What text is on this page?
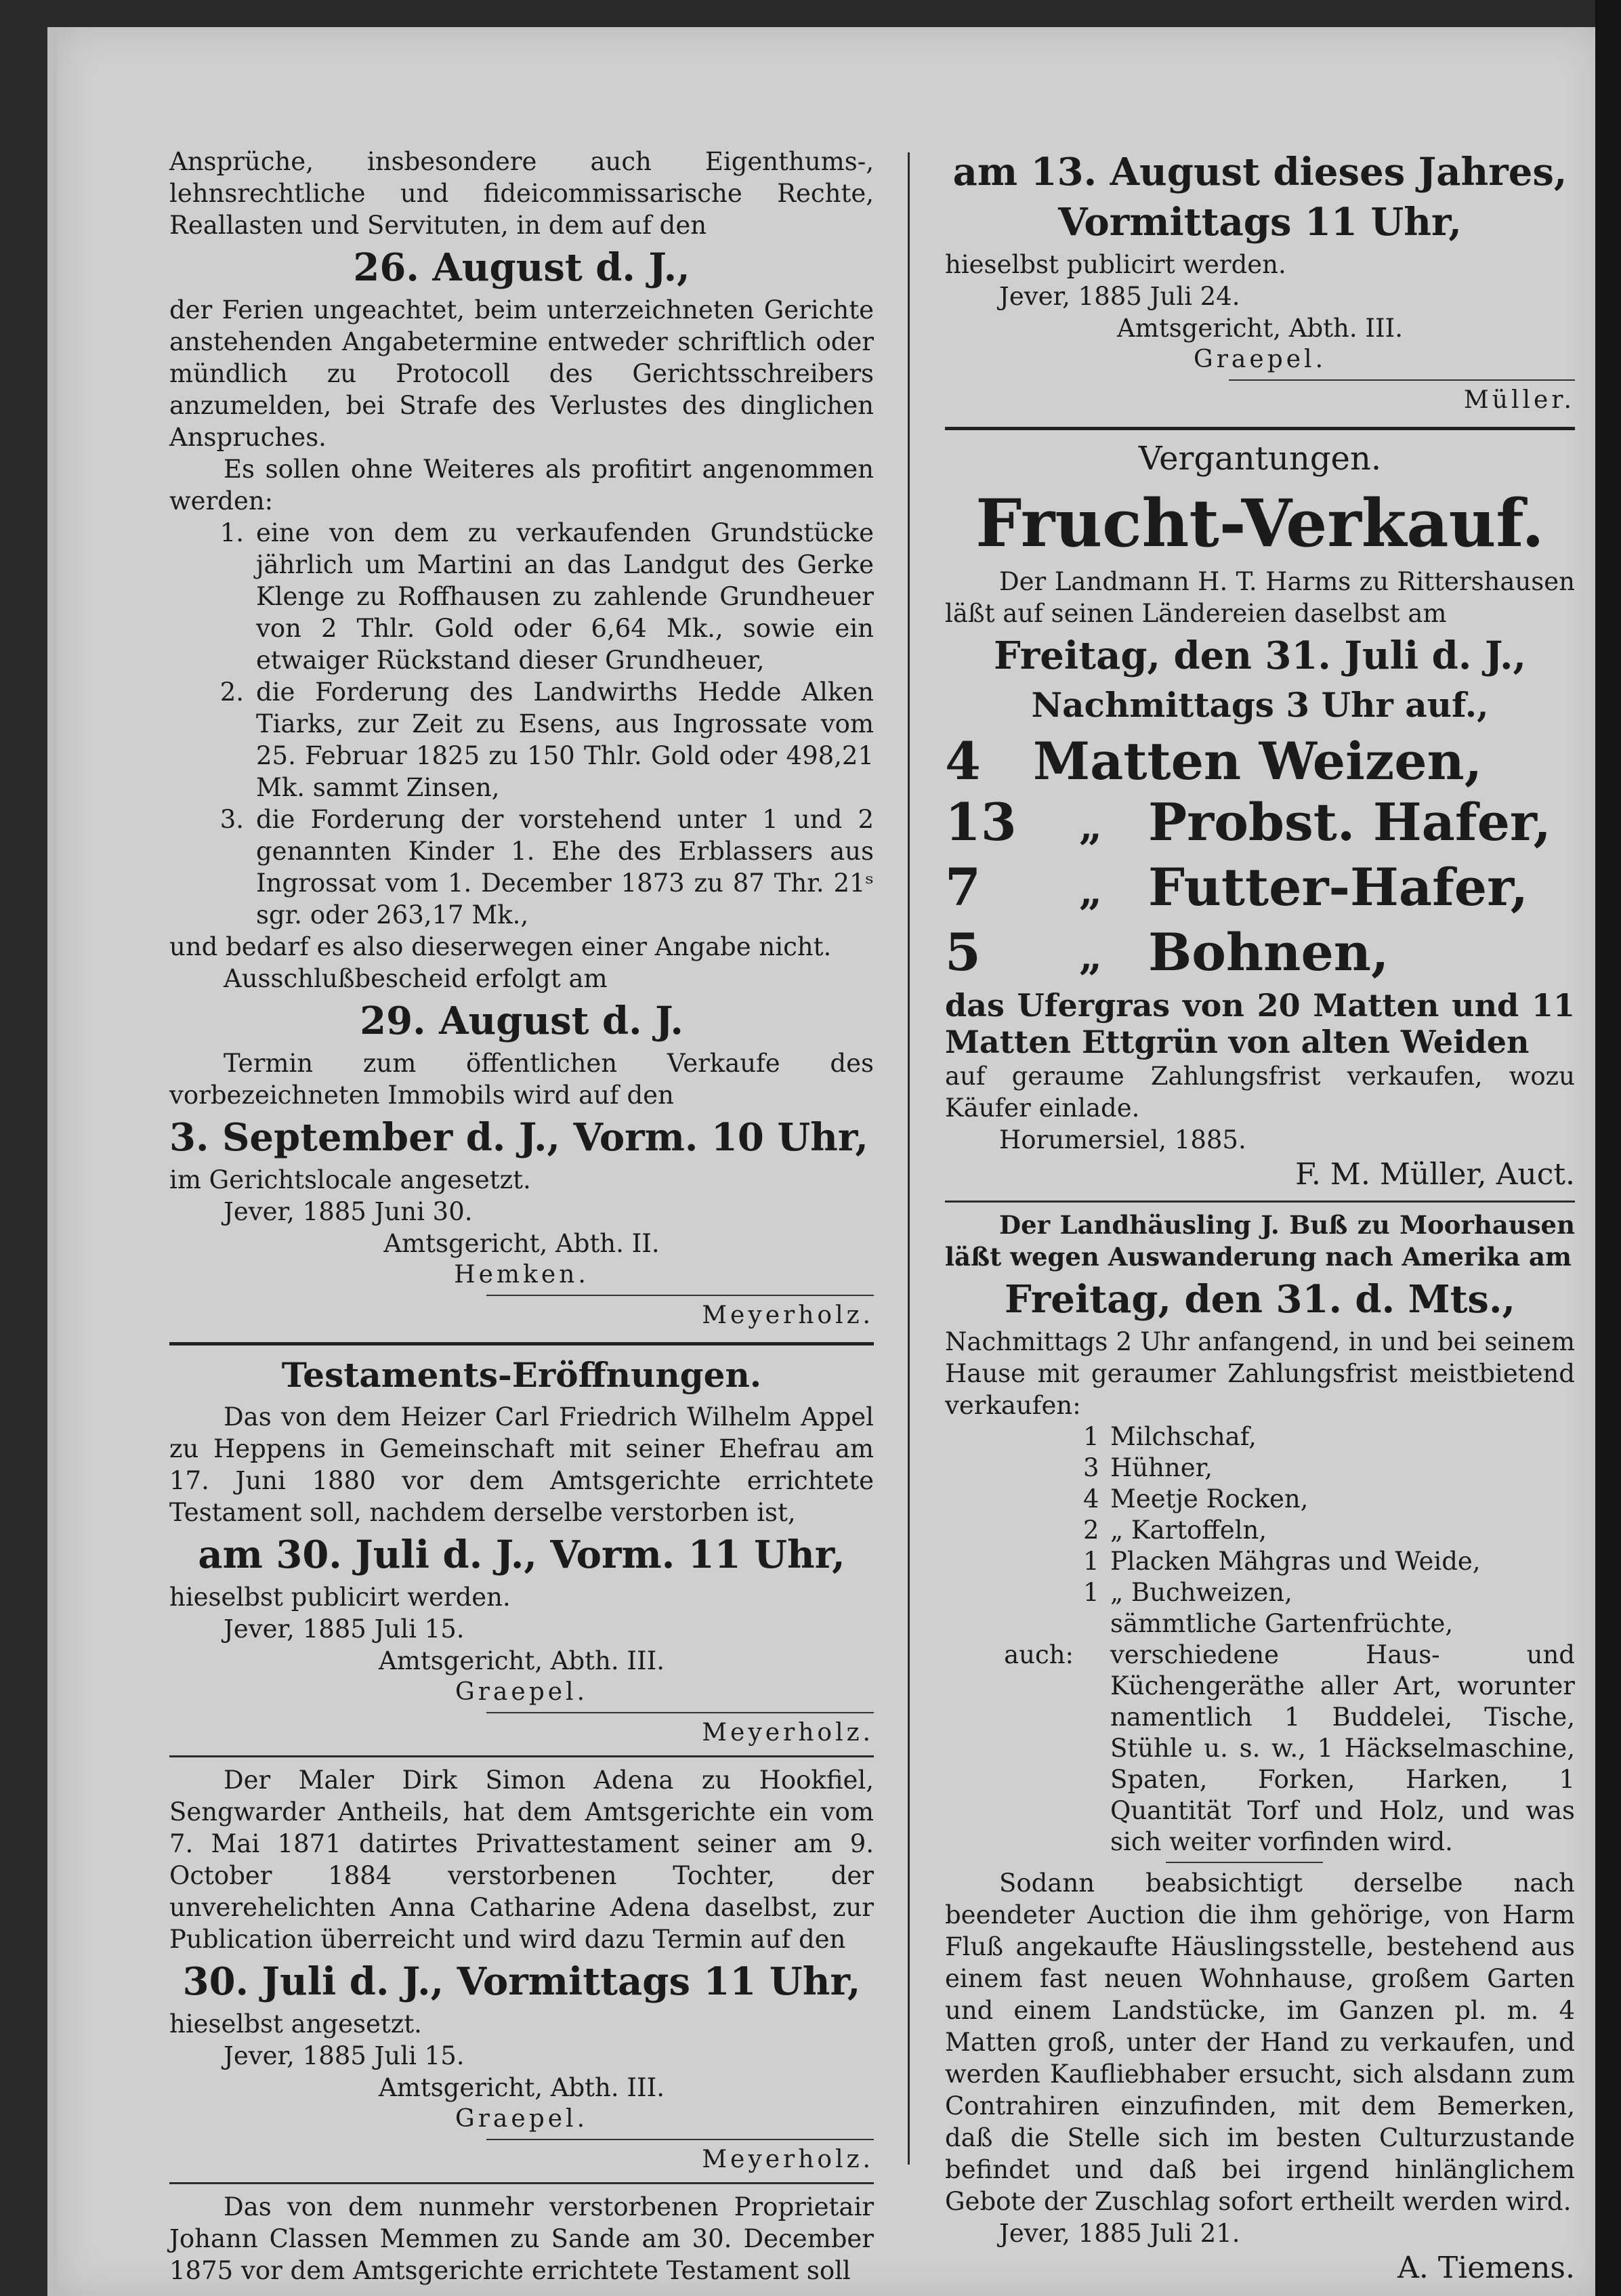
Ansprüche, insbesondere auch Eigenthums-, lehnsrechtliche und fideicommissarische Rechte, Reallasten und Servituten, in dem auf den

26. August d. J.,

der Ferien ungeachtet, beim unterzeichneten Gerichte anstehenden Angabetermine entweder schriftlich oder mündlich zu Protocoll des Gerichtsschreibers anzumelden, bei Strafe des Verlustes des dinglichen Anspruches.

Es sollen ohne Weiteres als profitirt angenommen werden:

1. eine von dem zu verkaufenden Grundstücke jährlich um Martini an das Landgut des Gerke Klenge zu Roffhausen zu zahlende Grundheuer von 2 Thlr. Gold oder 6,64 Mk., sowie ein etwaiger Rückstand dieser Grundheuer,
2. die Forderung des Landwirths Hedde Alken Tiarks, zur Zeit zu Esens, aus Ingrossate vom 25. Februar 1825 zu 150 Thlr. Gold oder 498,21 Mk. sammt Zinsen,
3. die Forderung der vorstehend unter 1 und 2 genannten Kinder 1. Ehe des Erblassers aus Ingrossat vom 1. December 1873 zu 87 Thr. 21ˢ sgr. oder 263,17 Mk.,

und bedarf es also dieserwegen einer Angabe nicht.

Ausschlußbescheid erfolgt am

29. August d. J.

Termin zum öffentlichen Verkaufe des vorbezeichneten Immobils wird auf den

3. September d. J., Vorm. 10 Uhr,

im Gerichtslocale angesetzt.

Jever, 1885 Juni 30.

Amtsgericht, Abth. II.

Hemken.

Meyerholz.

Testaments-Eröffnungen.

Das von dem Heizer Carl Friedrich Wilhelm Appel zu Heppens in Gemeinschaft mit seiner Ehefrau am 17. Juni 1880 vor dem Amtsgerichte errichtete Testament soll, nachdem derselbe verstorben ist,

am 30. Juli d. J., Vorm. 11 Uhr,

hieselbst publicirt werden.

Jever, 1885 Juli 15.

Amtsgericht, Abth. III.

Graepel.

Meyerholz.

Der Maler Dirk Simon Adena zu Hookfiel, Sengwarder Antheils, hat dem Amtsgerichte ein vom 7. Mai 1871 datirtes Privattestament seiner am 9. October 1884 verstorbenen Tochter, der unverehelichten Anna Catharine Adena daselbst, zur Publication überreicht und wird dazu Termin auf den

30. Juli d. J., Vormittags 11 Uhr,

hieselbst angesetzt.

Jever, 1885 Juli 15.

Amtsgericht, Abth. III.

Graepel.

Meyerholz.

Das von dem nunmehr verstorbenen Proprietair Johann Classen Memmen zu Sande am 30. December 1875 vor dem Amtsgerichte errichtete Testament soll

am 13. August dieses Jahres,

Vormittags 11 Uhr,

hieselbst publicirt werden.

Jever, 1885 Juli 24.

Amtsgericht, Abth. III.

Graepel.

Müller.

Vergantungen.

Frucht-Verkauf.

Der Landmann H. T. Harms zu Rittershausen läßt auf seinen Ländereien daselbst am

Freitag, den 31. Juli d. J.,

Nachmittags 3 Uhr auf.,

4	Matten Weizen,
13	„ Probst. Hafer,
7	„ Futter-Hafer,
5	„ Bohnen,

das Ufergras von 20 Matten und 11 Matten Ettgrün von alten Weiden

auf geraume Zahlungsfrist verkaufen, wozu Käufer einlade.

Horumersiel, 1885.

F. M. Müller, Auct.

Der Landhäusling J. Buß zu Moorhausen läßt wegen Auswanderung nach Amerika am

Freitag, den 31. d. Mts.,

Nachmittags 2 Uhr anfangend, in und bei seinem Hause mit geraumer Zahlungsfrist meistbietend verkaufen:

1 Milchschaf,
3 Hühner,
4 Meetje Rocken,
2 „ Kartoffeln,
1 Placken Mähgras und Weide,
1 „ Buchweizen,
sämmtliche Gartenfrüchte,
auch:	verschiedene Haus- und Küchengeräthe aller Art, worunter namentlich 1 Buddelei, Tische, Stühle u. s. w., 1 Häckselmaschine, Spaten, Forken, Harken, 1 Quantität Torf und Holz, und was sich weiter vorfinden wird.

Sodann beabsichtigt derselbe nach beendeter Auction die ihm gehörige, von Harm Fluß angekaufte Häuslingsstelle, bestehend aus einem fast neuen Wohnhause, großem Garten und einem Landstücke, im Ganzen pl. m. 4 Matten groß, unter der Hand zu verkaufen, und werden Kaufliebhaber ersucht, sich alsdann zum Contrahiren einzufinden, mit dem Bemerken, daß die Stelle sich im besten Culturzustande befindet und daß bei irgend hinlänglichem Gebote der Zuschlag sofort ertheilt werden wird.

Jever, 1885 Juli 21.

A. Tiemens.
